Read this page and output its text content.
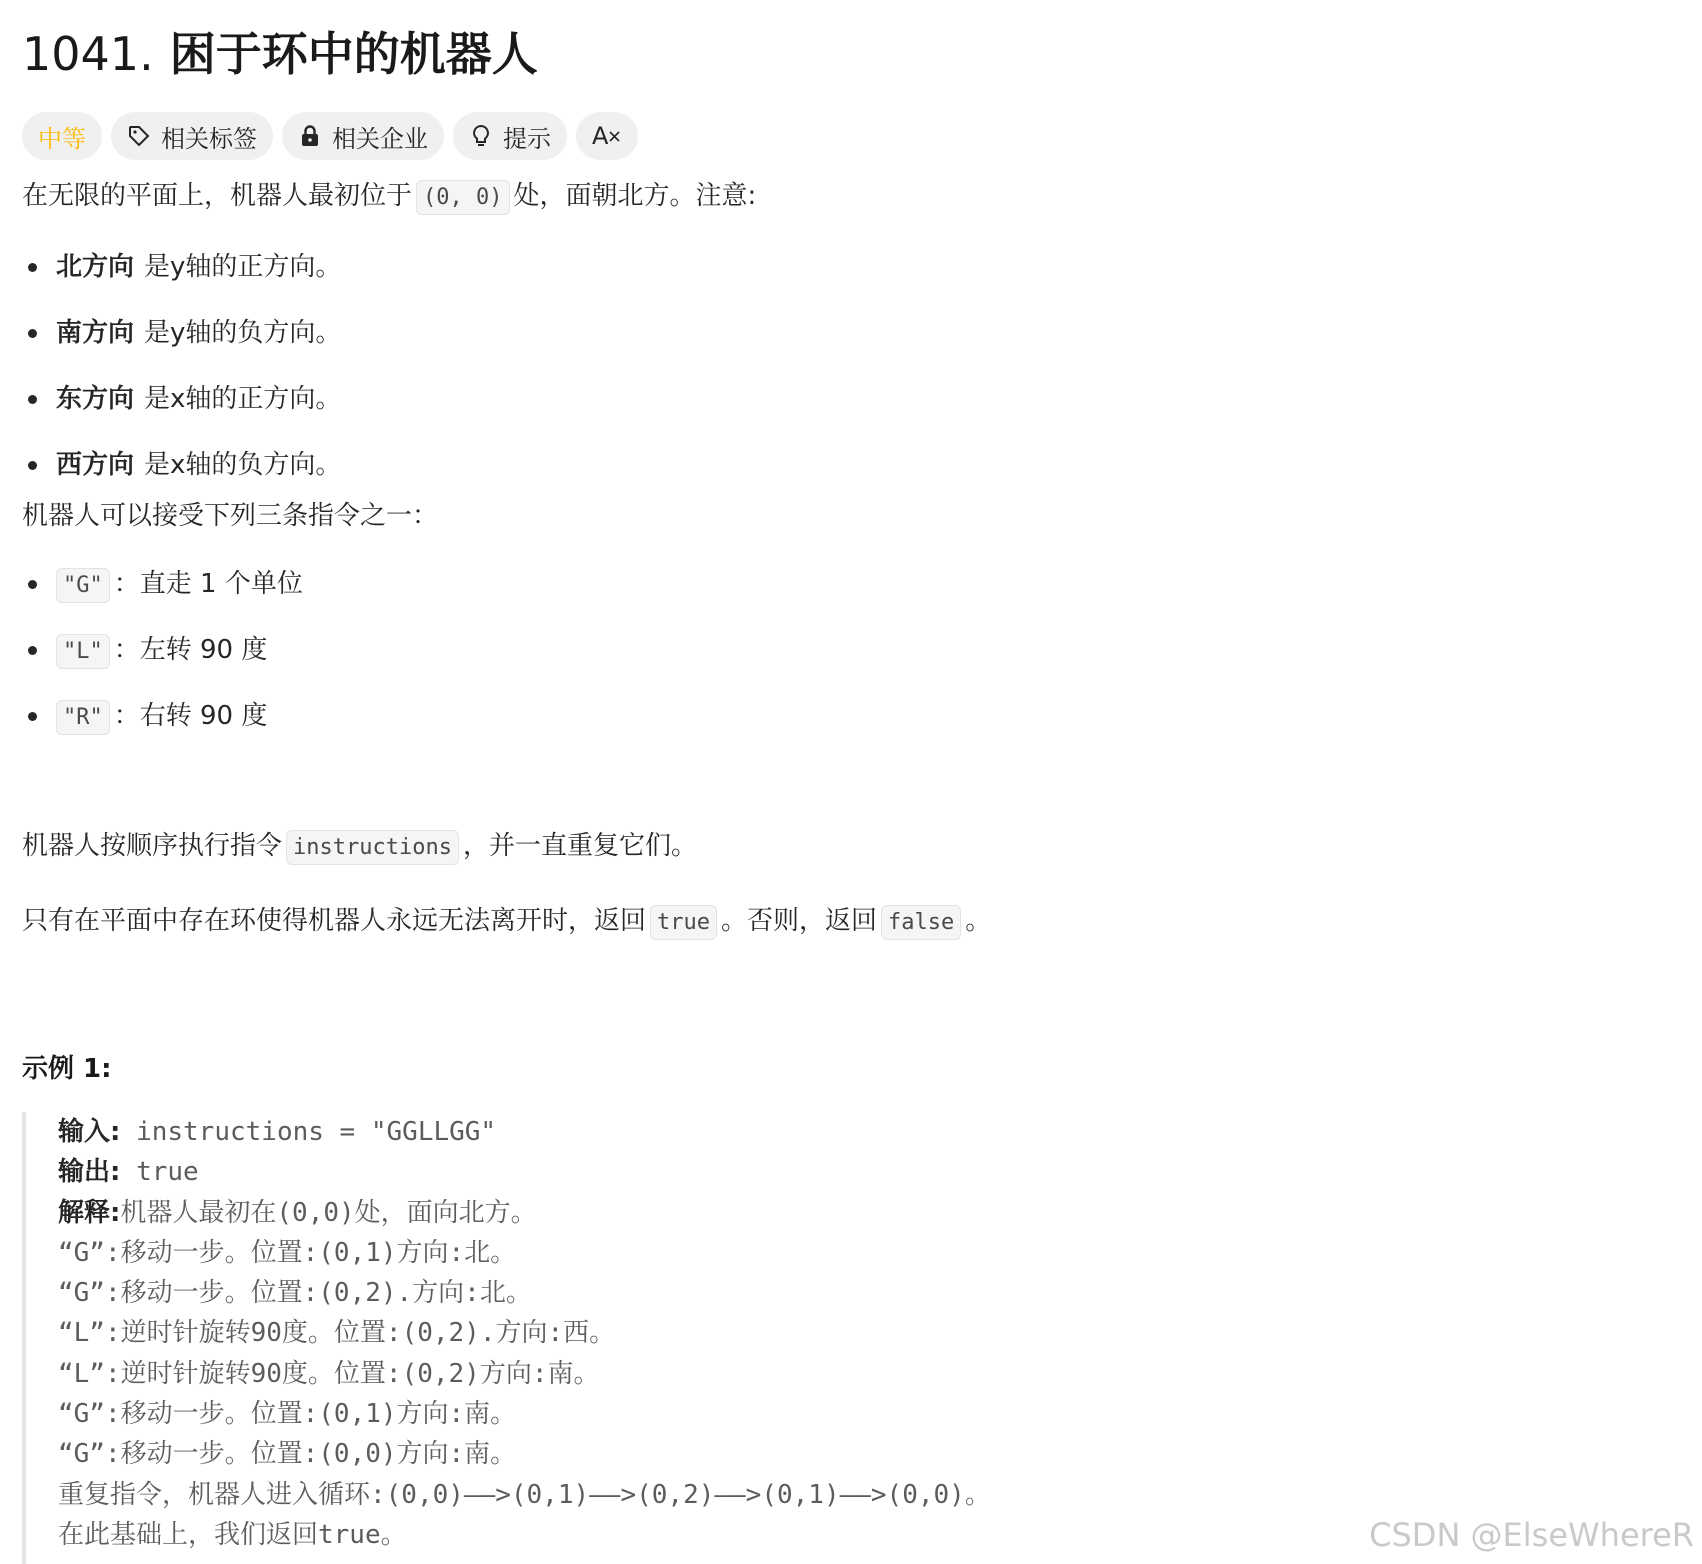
1041. 困于环中的机器人
中等	相关标签	相关企业	提示 A
在无限的平面上，机器人最初位于 (0, 0) 处，面朝北方。注意:
北方向 是y轴的正方向。
南方向 是y轴的负方向。
东方向 是x轴的正方向。
西方向 是x轴的负方向。
机器人可以接受下列三条指令之一：
"G" ：直走 1 个单位
"L" ：左转 90 度
"R" ：右转 90 度
机器人按顺序执行指令 instructions ，并一直重复它们。
只有在平面中存在环使得机器人永远无法离开时，返回 true 。否则，返回 false 。
示例 1:
输入: instructions = "GGLLGG"
输出: true
解释:机器人最初在(0,0)处，面向北方。
“G”:移动一步。位置:(0,1)方向:北。
“G”:移动一步。位置:(0,2).方向:北。
“L”:逆时针旋转90度。位置:(0,2).方向:西。
“L”:逆时针旋转90度。位置:(0,2)方向:南。
“G”:移动一步。位置:(0,1)方向:南。
“G”:移动一步。位置:(0,0)方向:南。
重复指令，机器人进入循环:(0,0)——>(0,1)——>(0,2)——>(0,1)——>(0,0)。
在此基础上，我们返回true。	CSDN @ElseWhereR
